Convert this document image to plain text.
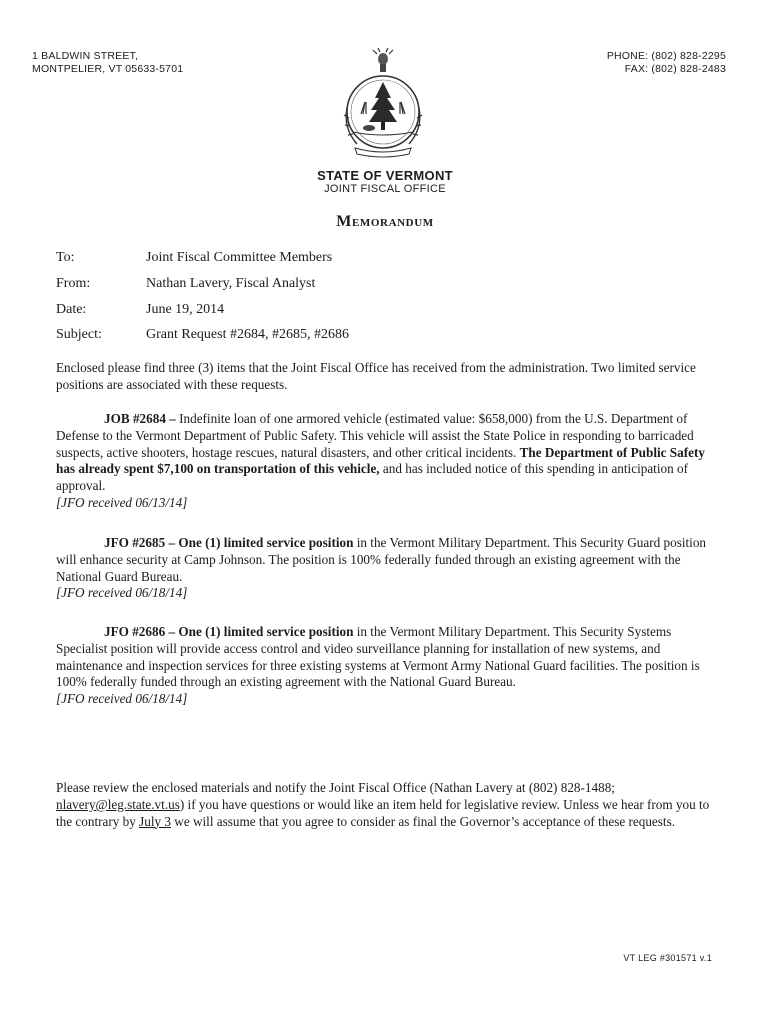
1 BALDWIN STREET,
MONTPELIER, VT 05633-5701
PHONE: (802) 828-2295
FAX: (802) 828-2483
STATE OF VERMONT
JOINT FISCAL OFFICE
Memorandum
To:	Joint Fiscal Committee Members
From:	Nathan Lavery, Fiscal Analyst
Date:	June 19, 2014
Subject:	Grant Request #2684, #2685, #2686
Enclosed please find three (3) items that the Joint Fiscal Office has received from the administration. Two limited service positions are associated with these requests.
JOB #2684 – Indefinite loan of one armored vehicle (estimated value: $658,000) from the U.S. Department of Defense to the Vermont Department of Public Safety. This vehicle will assist the State Police in responding to barricaded suspects, active shooters, hostage rescues, natural disasters, and other critical incidents. The Department of Public Safety has already spent $7,100 on transportation of this vehicle, and has included notice of this spending in anticipation of approval.
[JFO received 06/13/14]
JFO #2685 – One (1) limited service position in the Vermont Military Department. This Security Guard position will enhance security at Camp Johnson. The position is 100% federally funded through an existing agreement with the National Guard Bureau.
[JFO received 06/18/14]
JFO #2686 – One (1) limited service position in the Vermont Military Department. This Security Systems Specialist position will provide access control and video surveillance planning for installation of new systems, and maintenance and inspection services for three existing systems at Vermont Army National Guard facilities. The position is 100% federally funded through an existing agreement with the National Guard Bureau.
[JFO received 06/18/14]
Please review the enclosed materials and notify the Joint Fiscal Office (Nathan Lavery at (802) 828-1488; nlavery@leg.state.vt.us) if you have questions or would like an item held for legislative review. Unless we hear from you to the contrary by July 3 we will assume that you agree to consider as final the Governor’s acceptance of these requests.
VT LEG #301571 v.1
